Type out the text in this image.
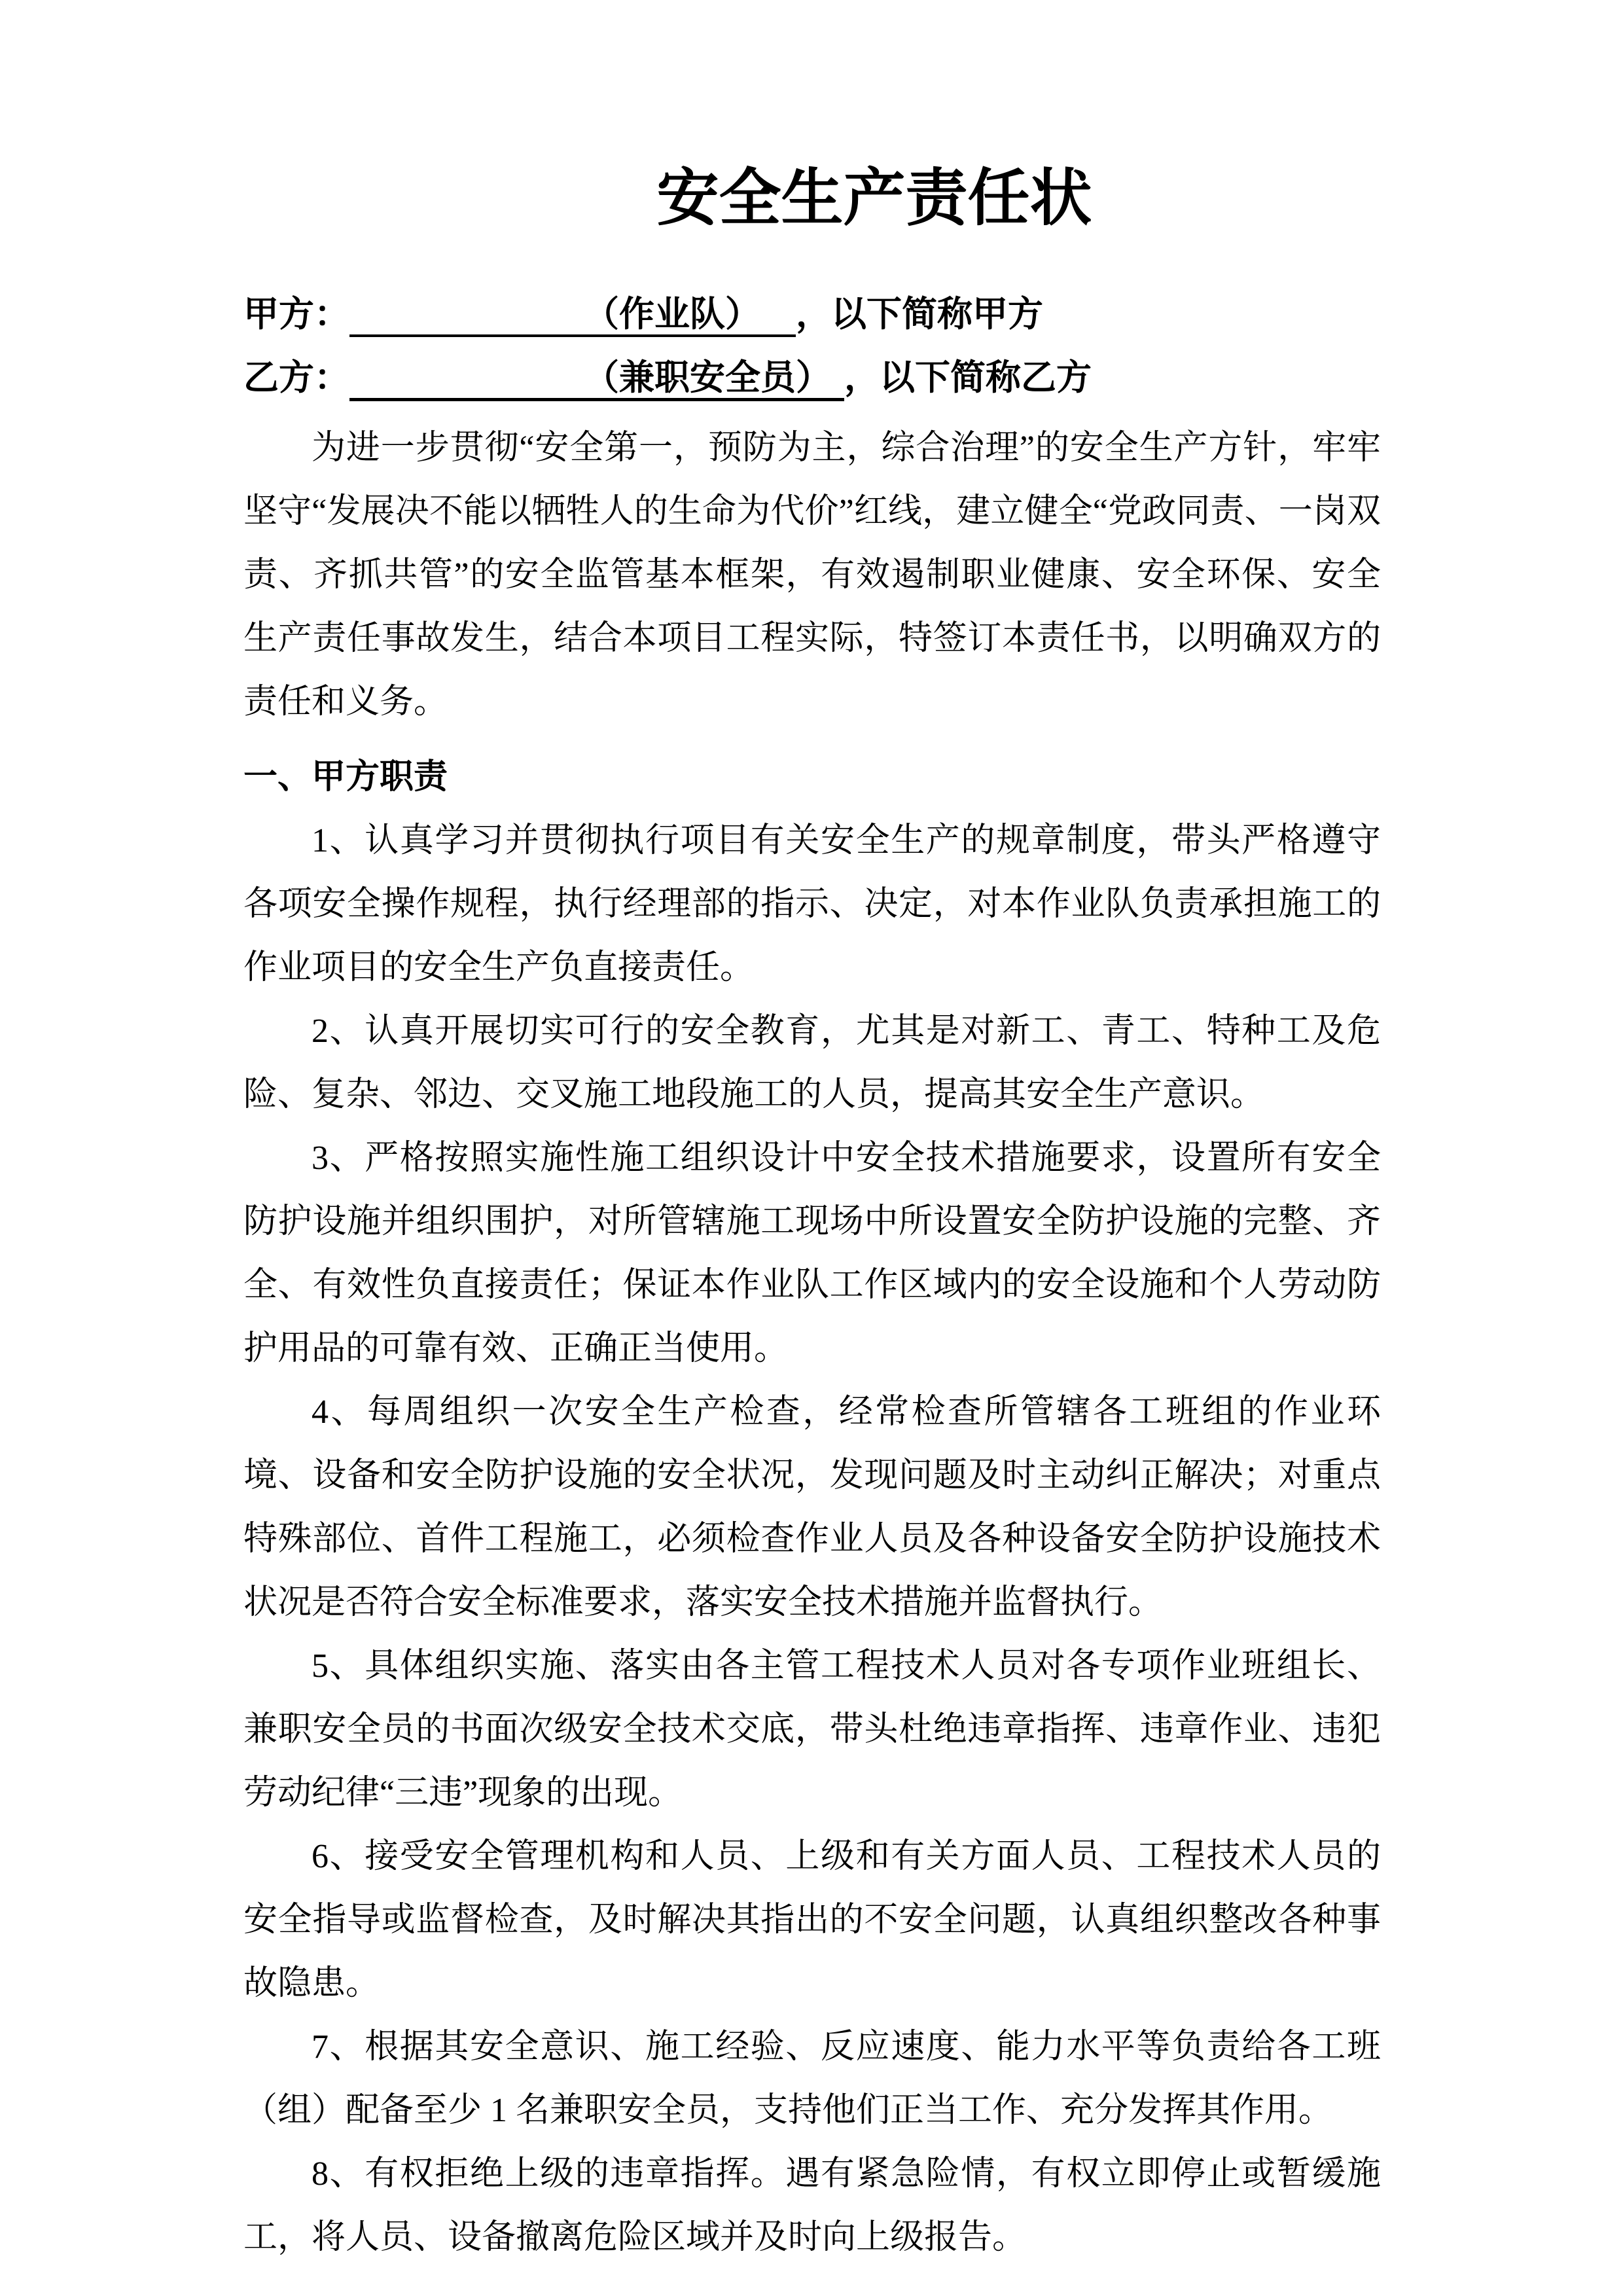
安全生产责任状
甲方：	（作业队） ，以下简称甲方
乙方：	（兼职安全员） ，以下简称乙方

为进一步贯彻“安全第一，预防为主，综合治理”的安全生产方针，牢牢坚守“发展决不能以牺牲人的生命为代价”红线，建立健全“党政同责、一岗双责、齐抓共管”的安全监管基本框架，有效遏制职业健康、安全环保、安全生产责任事故发生，结合本项目工程实际，特签订本责任书，以明确双方的责任和义务。

一、甲方职责

1、认真学习并贯彻执行项目有关安全生产的规章制度，带头严格遵守各项安全操作规程，执行经理部的指示、决定，对本作业队负责承担施工的作业项目的安全生产负直接责任。

2、认真开展切实可行的安全教育，尤其是对新工、青工、特种工及危险、复杂、邻边、交叉施工地段施工的人员，提高其安全生产意识。

3、严格按照实施性施工组织设计中安全技术措施要求，设置所有安全防护设施并组织围护，对所管辖施工现场中所设置安全防护设施的完整、齐全、有效性负直接责任；保证本作业队工作区域内的安全设施和个人劳动防护用品的可靠有效、正确正当使用。

4、每周组织一次安全生产检查，经常检查所管辖各工班组的作业环境、设备和安全防护设施的安全状况，发现问题及时主动纠正解决；对重点特殊部位、首件工程施工，必须检查作业人员及各种设备安全防护设施技术状况是否符合安全标准要求，落实安全技术措施并监督执行。

5、具体组织实施、落实由各主管工程技术人员对各专项作业班组长、兼职安全员的书面次级安全技术交底，带头杜绝违章指挥、违章作业、违犯劳动纪律“三违”现象的出现。

6、接受安全管理机构和人员、上级和有关方面人员、工程技术人员的安全指导或监督检查，及时解决其指出的不安全问题，认真组织整改各种事故隐患。

7、根据其安全意识、施工经验、反应速度、能力水平等负责给各工班（组）配备至少 1 名兼职安全员，支持他们正当工作、充分发挥其作用。

8、有权拒绝上级的违章指挥。遇有紧急险情，有权立即停止或暂缓施工，将人员、设备撤离危险区域并及时向上级报告。
